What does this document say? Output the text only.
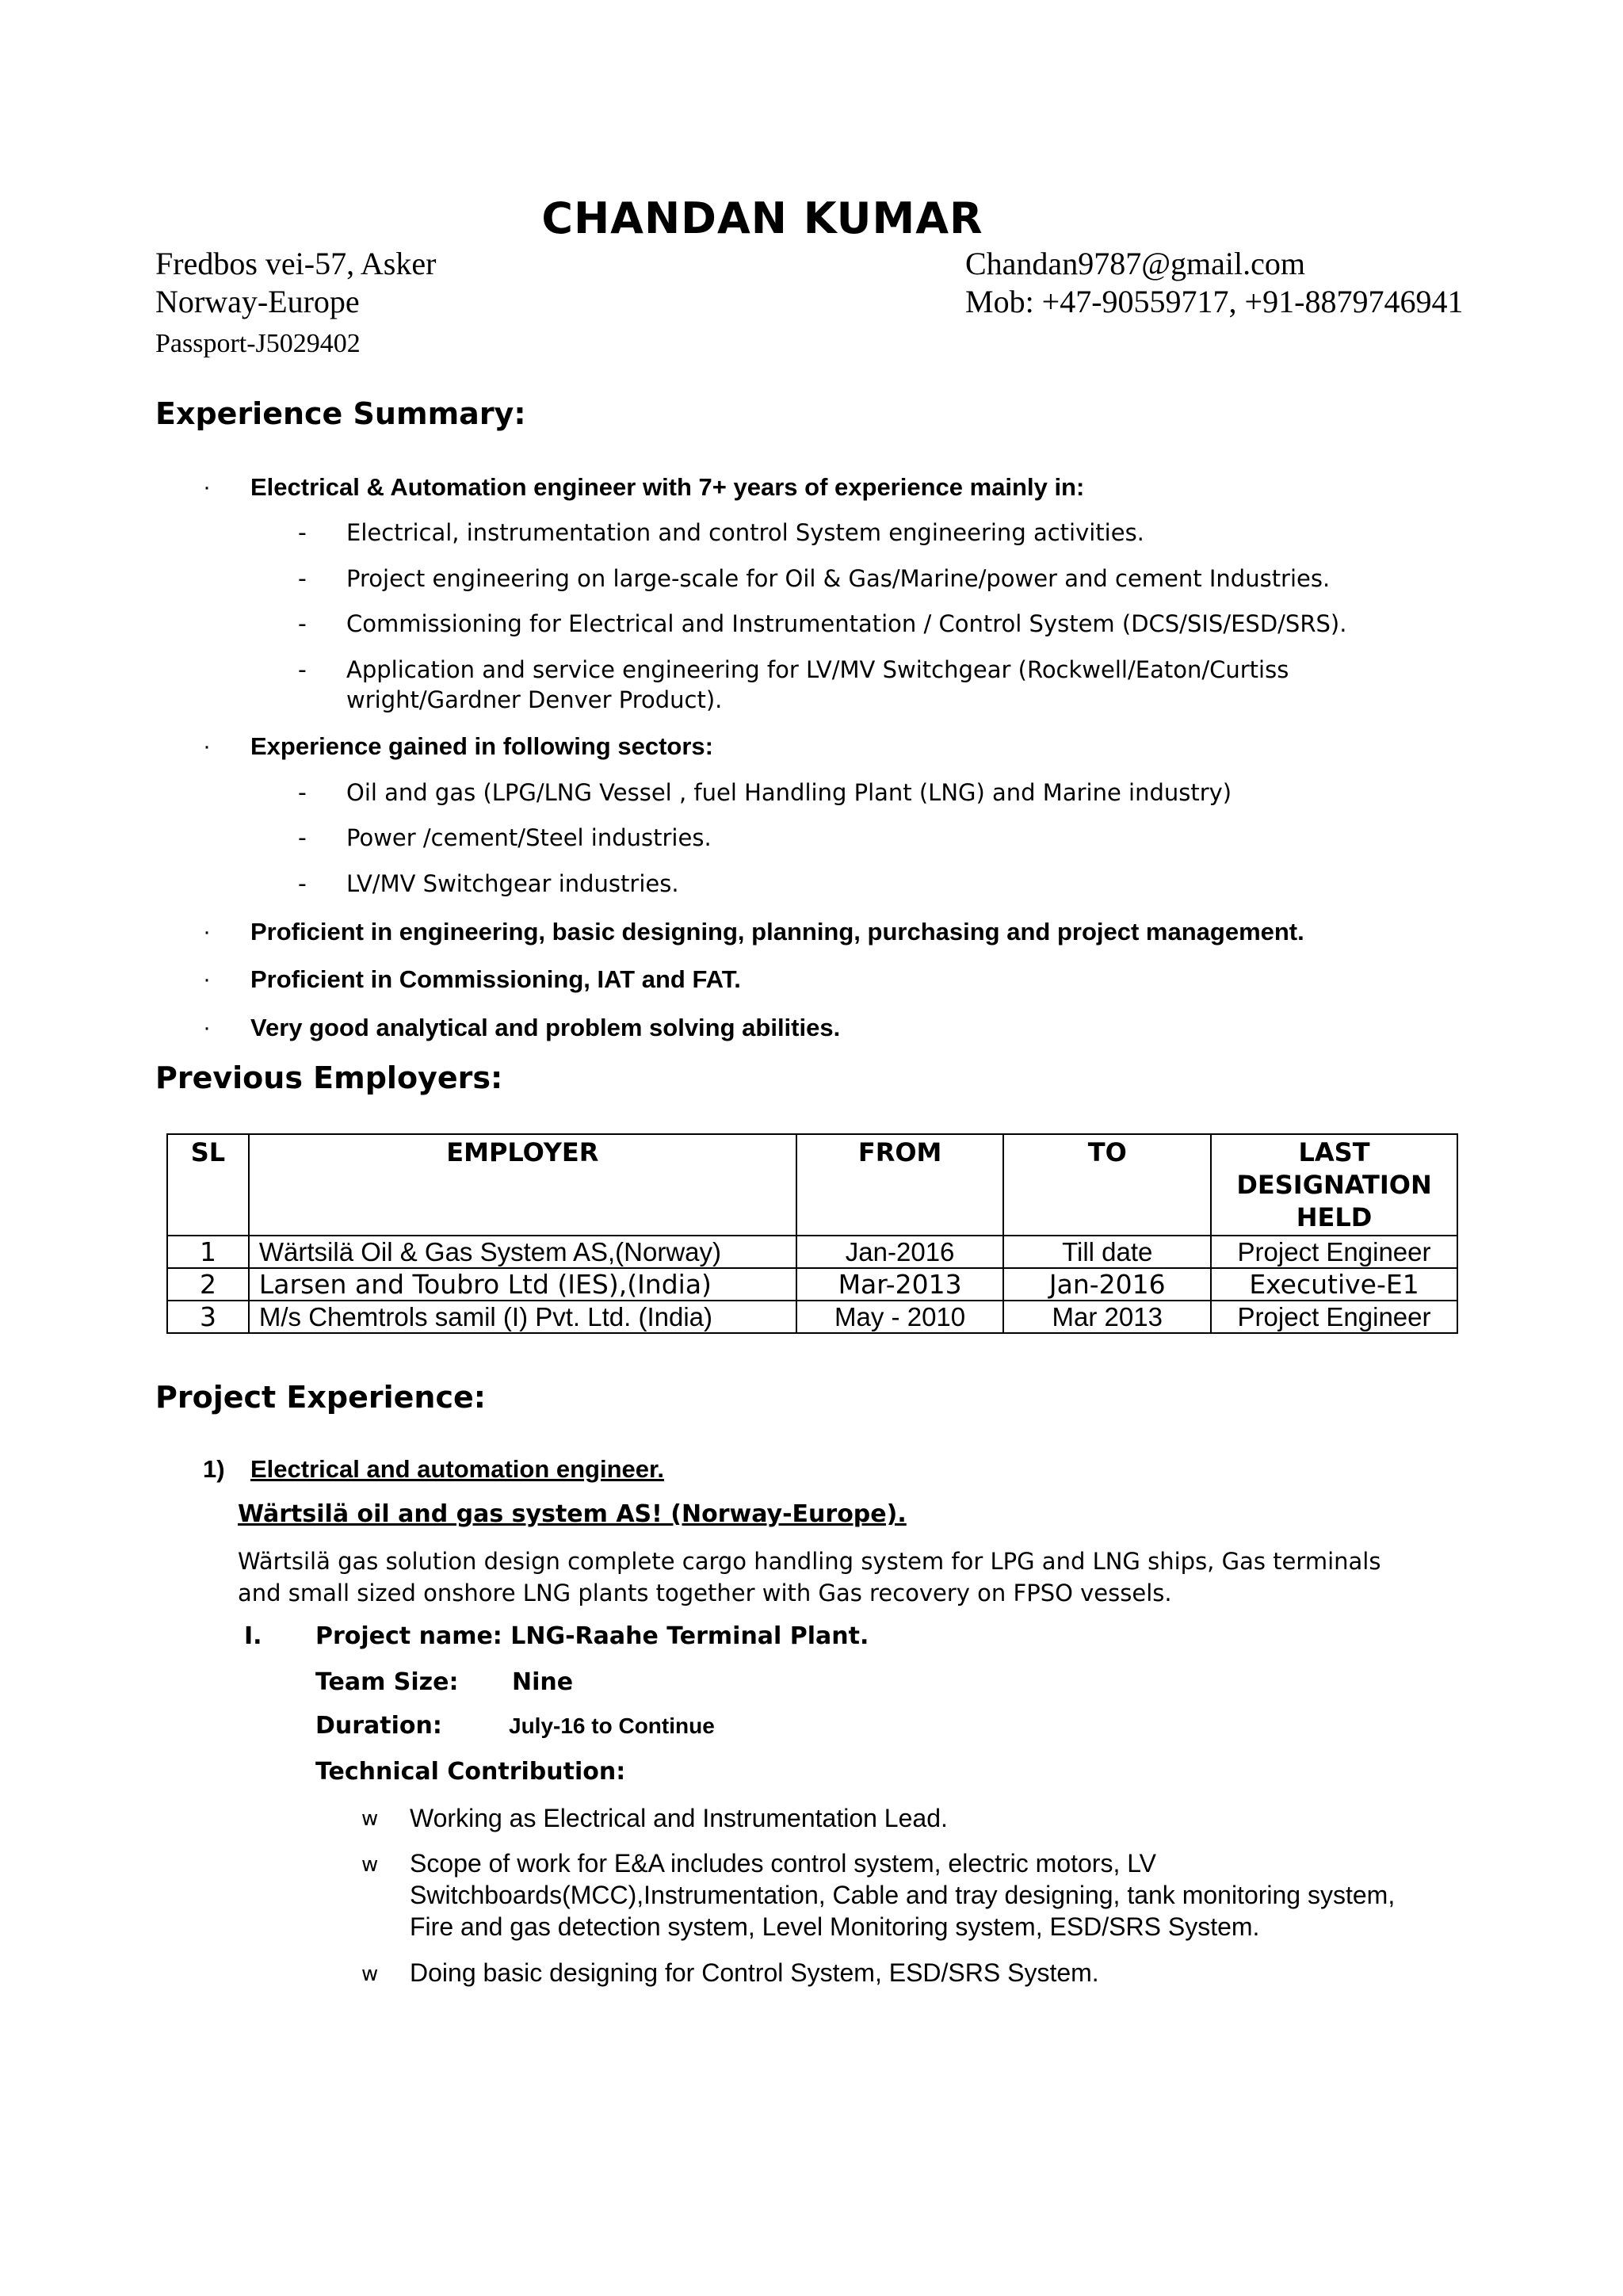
CHANDAN KUMAR
Fredbos vei-57, Asker
Norway-Europe
Passport-J5029402
Chandan9787@gmail.com
Mob: +47-90559717, +91-8879746941
Experience Summary:
· Electrical & Automation engineer with 7+ years of experience mainly in:
- Electrical, instrumentation and control System engineering activities.
- Project engineering on large-scale for Oil & Gas/Marine/power and cement Industries.
- Commissioning for Electrical and Instrumentation / Control System (DCS/SIS/ESD/SRS).
- Application and service engineering for LV/MV Switchgear (Rockwell/Eaton/Curtiss
wright/Gardner Denver Product).
· Experience gained in following sectors:
- Oil and gas (LPG/LNG Vessel , fuel Handling Plant (LNG) and Marine industry)
- Power /cement/Steel industries.
- LV/MV Switchgear industries.
· Proficient in engineering, basic designing, planning, purchasing and project management.
· Proficient in Commissioning, IAT and FAT.
· Very good analytical and problem solving abilities.
Previous Employers:
SL	EMPLOYER	FROM	TO	LAST DESIGNATION HELD
1	Wärtsilä Oil & Gas System AS,(Norway)	Jan-2016	Till date	Project Engineer
2	Larsen and Toubro Ltd (IES),(India)	Mar-2013	Jan-2016	Executive-E1
3	M/s Chemtrols samil (I) Pvt. Ltd. (India)	May - 2010	Mar 2013	Project Engineer
Project Experience:
1) Electrical and automation engineer.
Wärtsilä oil and gas system AS! (Norway-Europe).
Wärtsilä gas solution design complete cargo handling system for LPG and LNG ships, Gas terminals
and small sized onshore LNG plants together with Gas recovery on FPSO vessels.
I. Project name: LNG-Raahe Terminal Plant.
Team Size: Nine
Duration:	July-16 to Continue
Technical Contribution:
w Working as Electrical and Instrumentation Lead.
w Scope of work for E&A includes control system, electric motors, LV
Switchboards(MCC),Instrumentation, Cable and tray designing, tank monitoring system,
Fire and gas detection system, Level Monitoring system, ESD/SRS System.
w Doing basic designing for Control System, ESD/SRS System.
